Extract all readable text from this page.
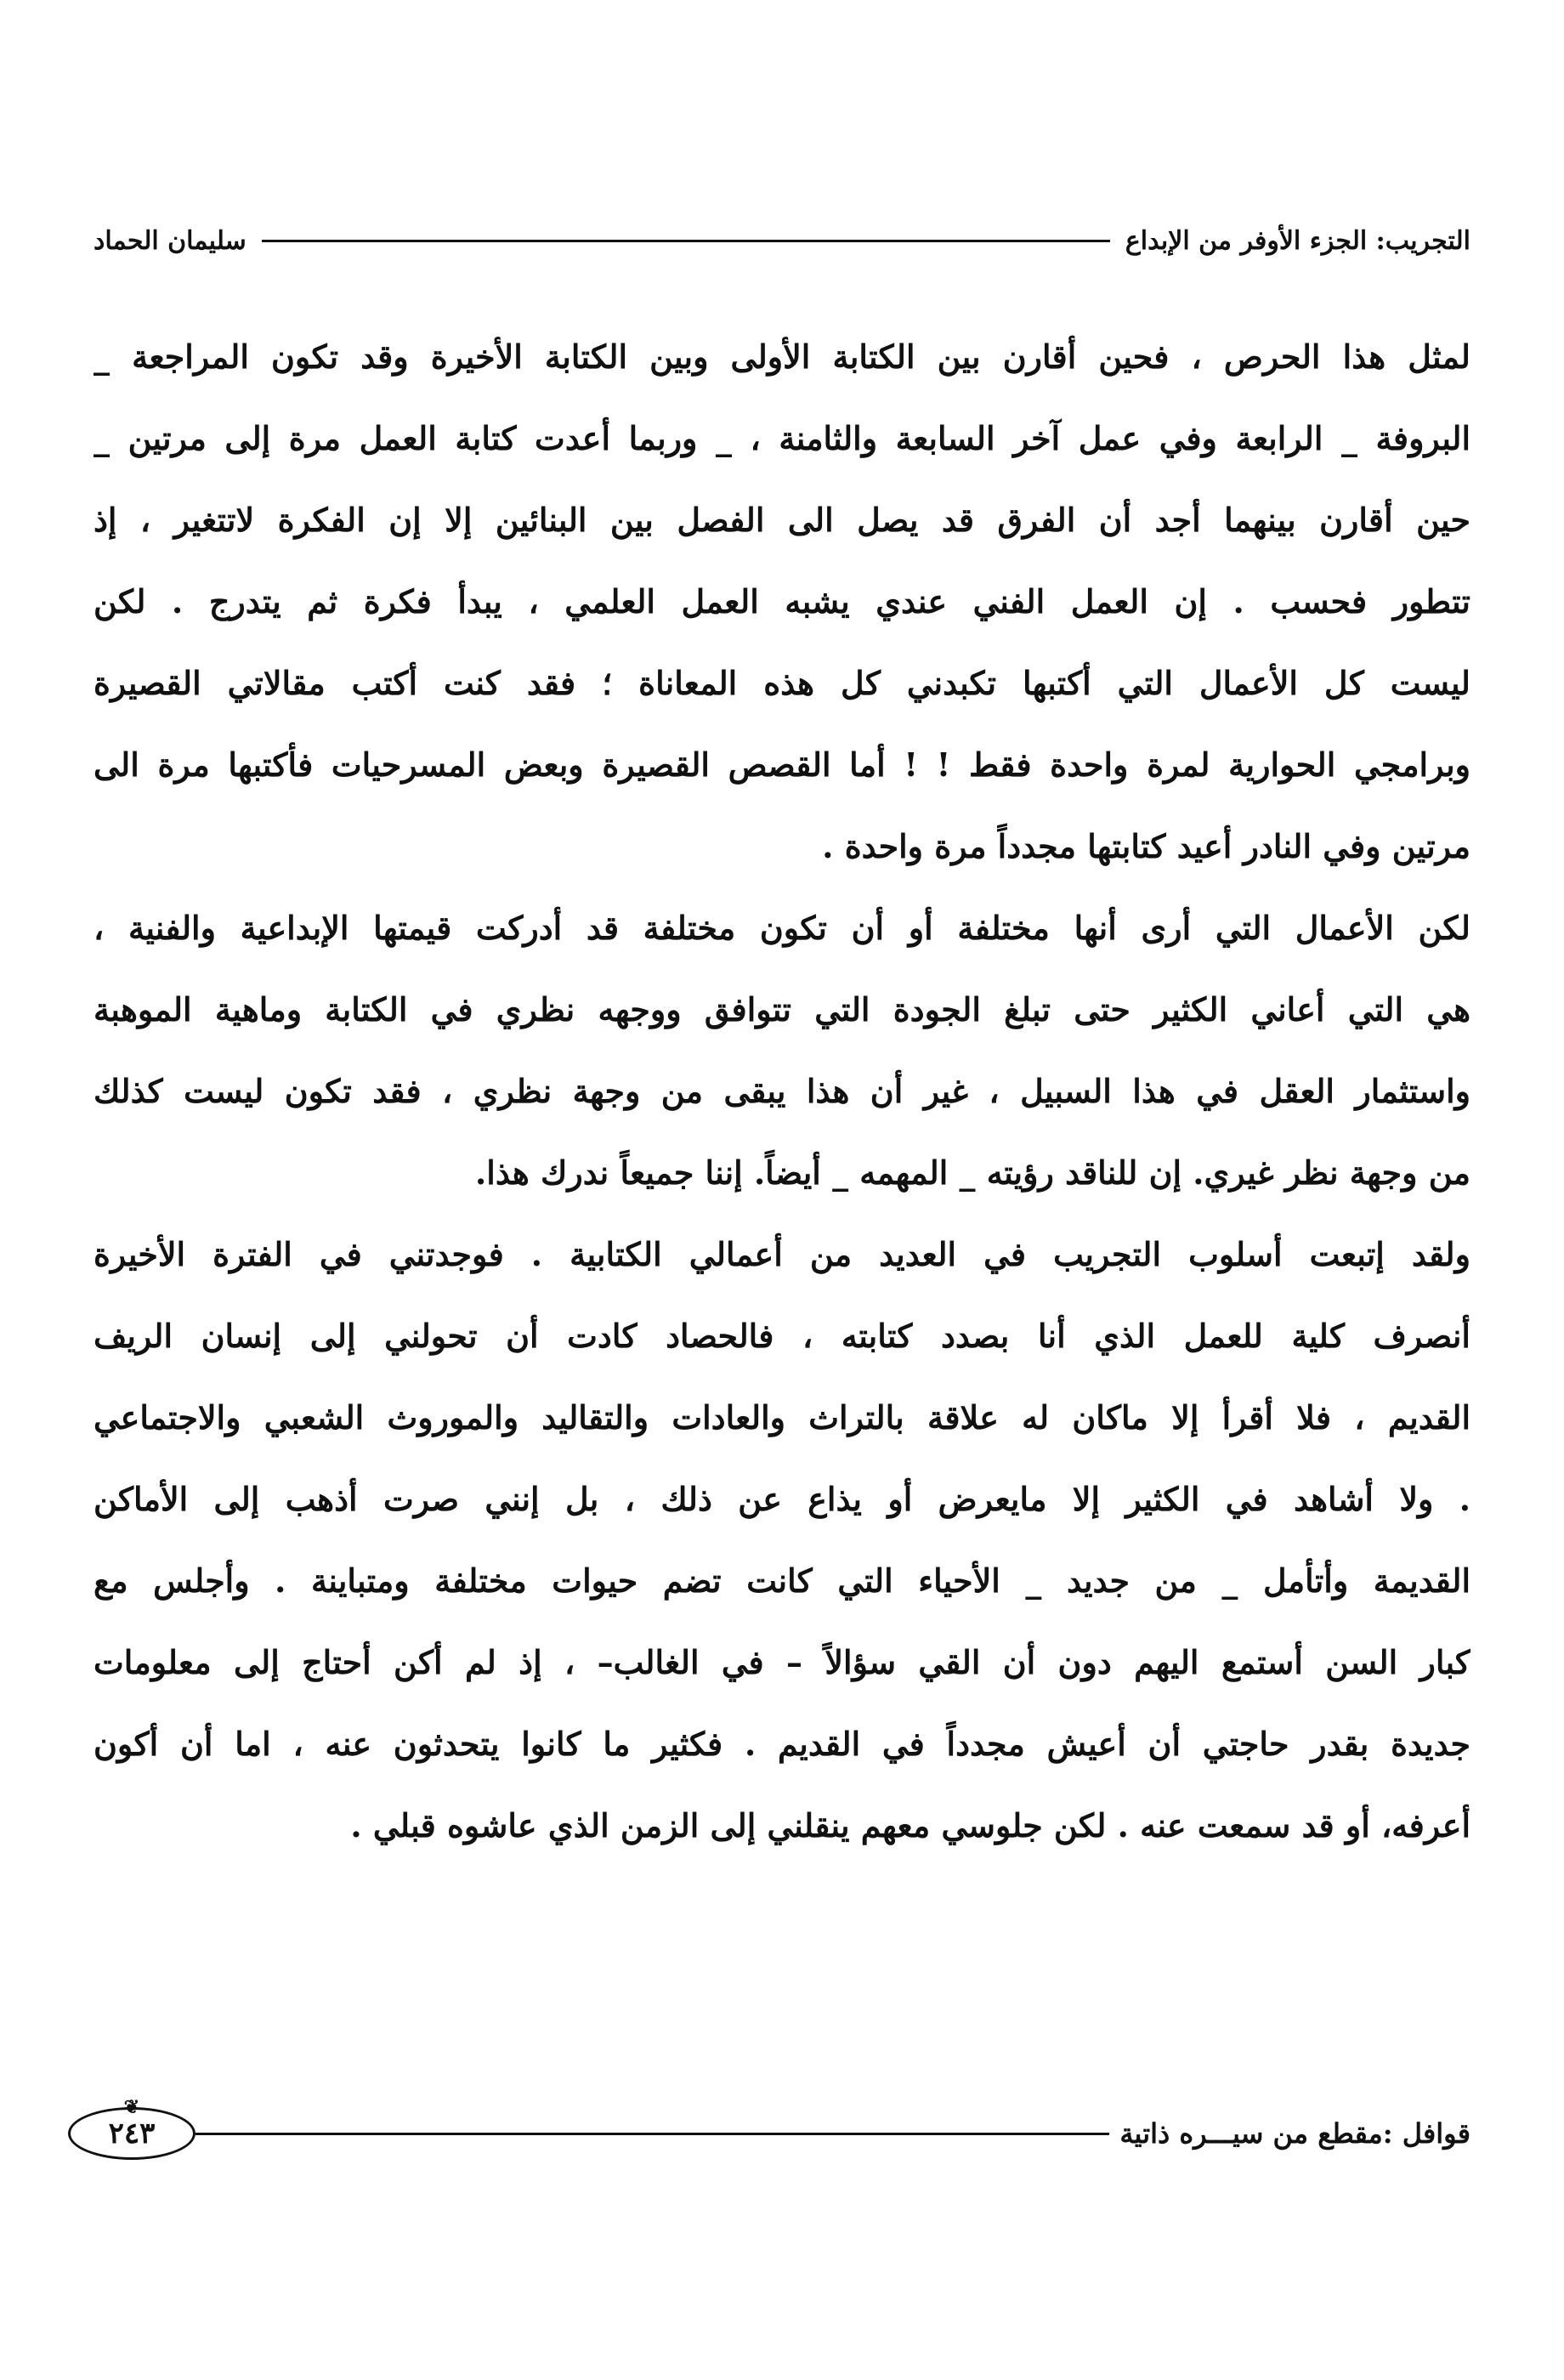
التجريب: الجزء الأوفر من الإبداع
سليمان الحماد
لمثل هذا الحرص ، فحين أقارن بين الكتابة الأولى وبين الكتابة الأخيرة وقد تكون المراجعة _
البروفة _ الرابعة وفي عمل آخر السابعة والثامنة ، _ وربما أعدت كتابة العمل مرة إلى مرتين _
حين أقارن بينهما أجد أن الفرق قد يصل الى الفصل بين البنائين إلا إن الفكرة لاتتغير ، إذ
تتطور فحسب . إن العمل الفني عندي يشبه العمل العلمي ، يبدأ فكرة ثم يتدرج . لكن
ليست كل الأعمال التي أكتبها تكبدني كل هذه المعاناة ؛ فقد كنت أكتب مقالاتي القصيرة
وبرامجي الحوارية لمرة واحدة فقط ! ! أما القصص القصيرة وبعض المسرحيات فأكتبها مرة الى
مرتين وفي النادر أعيد كتابتها مجدداً مرة واحدة .
لكن الأعمال التي أرى أنها مختلفة أو أن تكون مختلفة قد أدركت قيمتها الإبداعية والفنية ،
هي التي أعاني الكثير حتى تبلغ الجودة التي تتوافق ووجهه نظري في الكتابة وماهية الموهبة
واستثمار العقل في هذا السبيل ، غير أن هذا يبقى من وجهة نظري ، فقد تكون ليست كذلك
من وجهة نظر غيري. إن للناقد رؤيته _ المهمه _ أيضاً. إننا جميعاً ندرك هذا.
ولقد إتبعت أسلوب التجريب في العديد من أعمالي الكتابية . فوجدتني في الفترة الأخيرة
أنصرف كلية للعمل الذي أنا بصدد كتابته ، فالحصاد كادت أن تحولني إلى إنسان الريف
القديم ، فلا أقرأ إلا ماكان له علاقة بالتراث والعادات والتقاليد والموروث الشعبي والاجتماعي
. ولا أشاهد في الكثير إلا مايعرض أو يذاع عن ذلك ، بل إنني صرت أذهب إلى الأماكن
القديمة وأتأمل _ من جديد _ الأحياء التي كانت تضم حيوات مختلفة ومتباينة . وأجلس مع
كبار السن أستمع اليهم دون أن القي سؤالاً – في الغالب– ، إذ لم أكن أحتاج إلى معلومات
جديدة بقدر حاجتي أن أعيش مجدداً في القديم . فكثير ما كانوا يتحدثون عنه ، اما أن أكون
أعرفه، أو قد سمعت عنه . لكن جلوسي معهم ينقلني إلى الزمن الذي عاشوه قبلي .
قوافل :مقطع من سيـــره ذاتية
❦
٢٤٣
